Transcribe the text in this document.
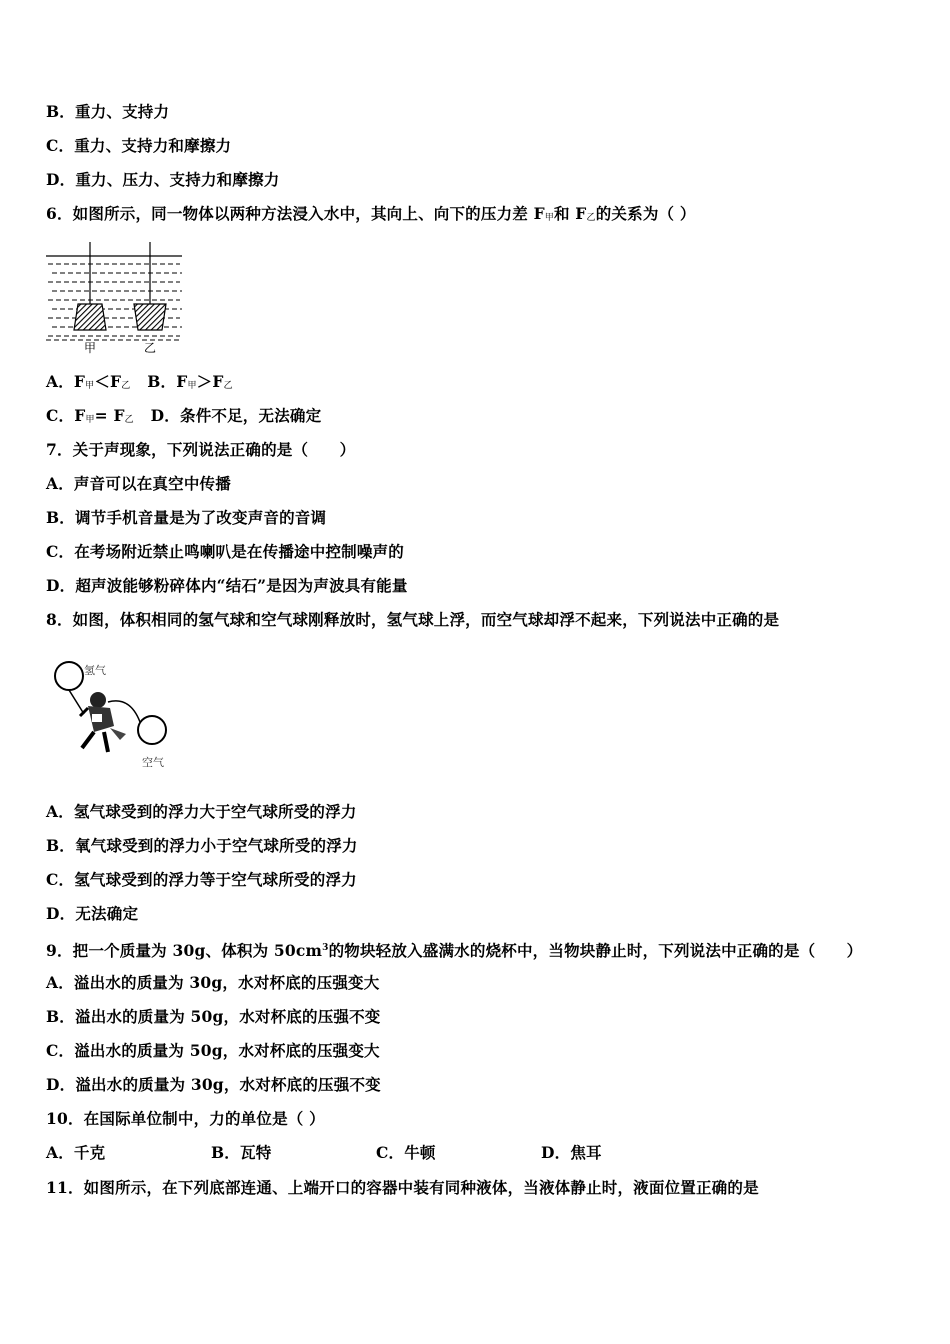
B．重力、支持力
C．重力、支持力和摩擦力
D．重力、压力、支持力和摩擦力
6．如图所示，同一物体以两种方法浸入水中，其向上、向下的压力差 F甲和 F乙的关系为（ ）
甲	乙
A．F甲＜F乙 B．F甲＞F乙
C．F甲= F乙 D．条件不足，无法确定
7．关于声现象，下列说法正确的是（　　）
A．声音可以在真空中传播
B．调节手机音量是为了改变声音的音调
C．在考场附近禁止鸣喇叭是在传播途中控制噪声的
D．超声波能够粉碎体内“结石”是因为声波具有能量
8．如图，体积相同的氢气球和空气球刚释放时，氢气球上浮，而空气球却浮不起来，下列说法中正确的是
氢气
空气
A．氢气球受到的浮力大于空气球所受的浮力
B．氧气球受到的浮力小于空气球所受的浮力
C．氢气球受到的浮力等于空气球所受的浮力
D．无法确定
9．把一个质量为 30g、体积为 $50cm^3$的物块轻放入盛满水的烧杯中，当物块静止时，下列说法中正确的是（　　）
A．溢出水的质量为 30g，水对杯底的压强变大
B．溢出水的质量为 50g，水对杯底的压强不变
C．溢出水的质量为 50g，水对杯底的压强变大
D．溢出水的质量为 30g，水对杯底的压强不变
10．在国际单位制中，力的单位是（ ）
A．千克	B．瓦特	C．牛顿	D．焦耳
11．如图所示，在下列底部连通、上端开口的容器中装有同种液体，当液体静止时，液面位置正确的是
